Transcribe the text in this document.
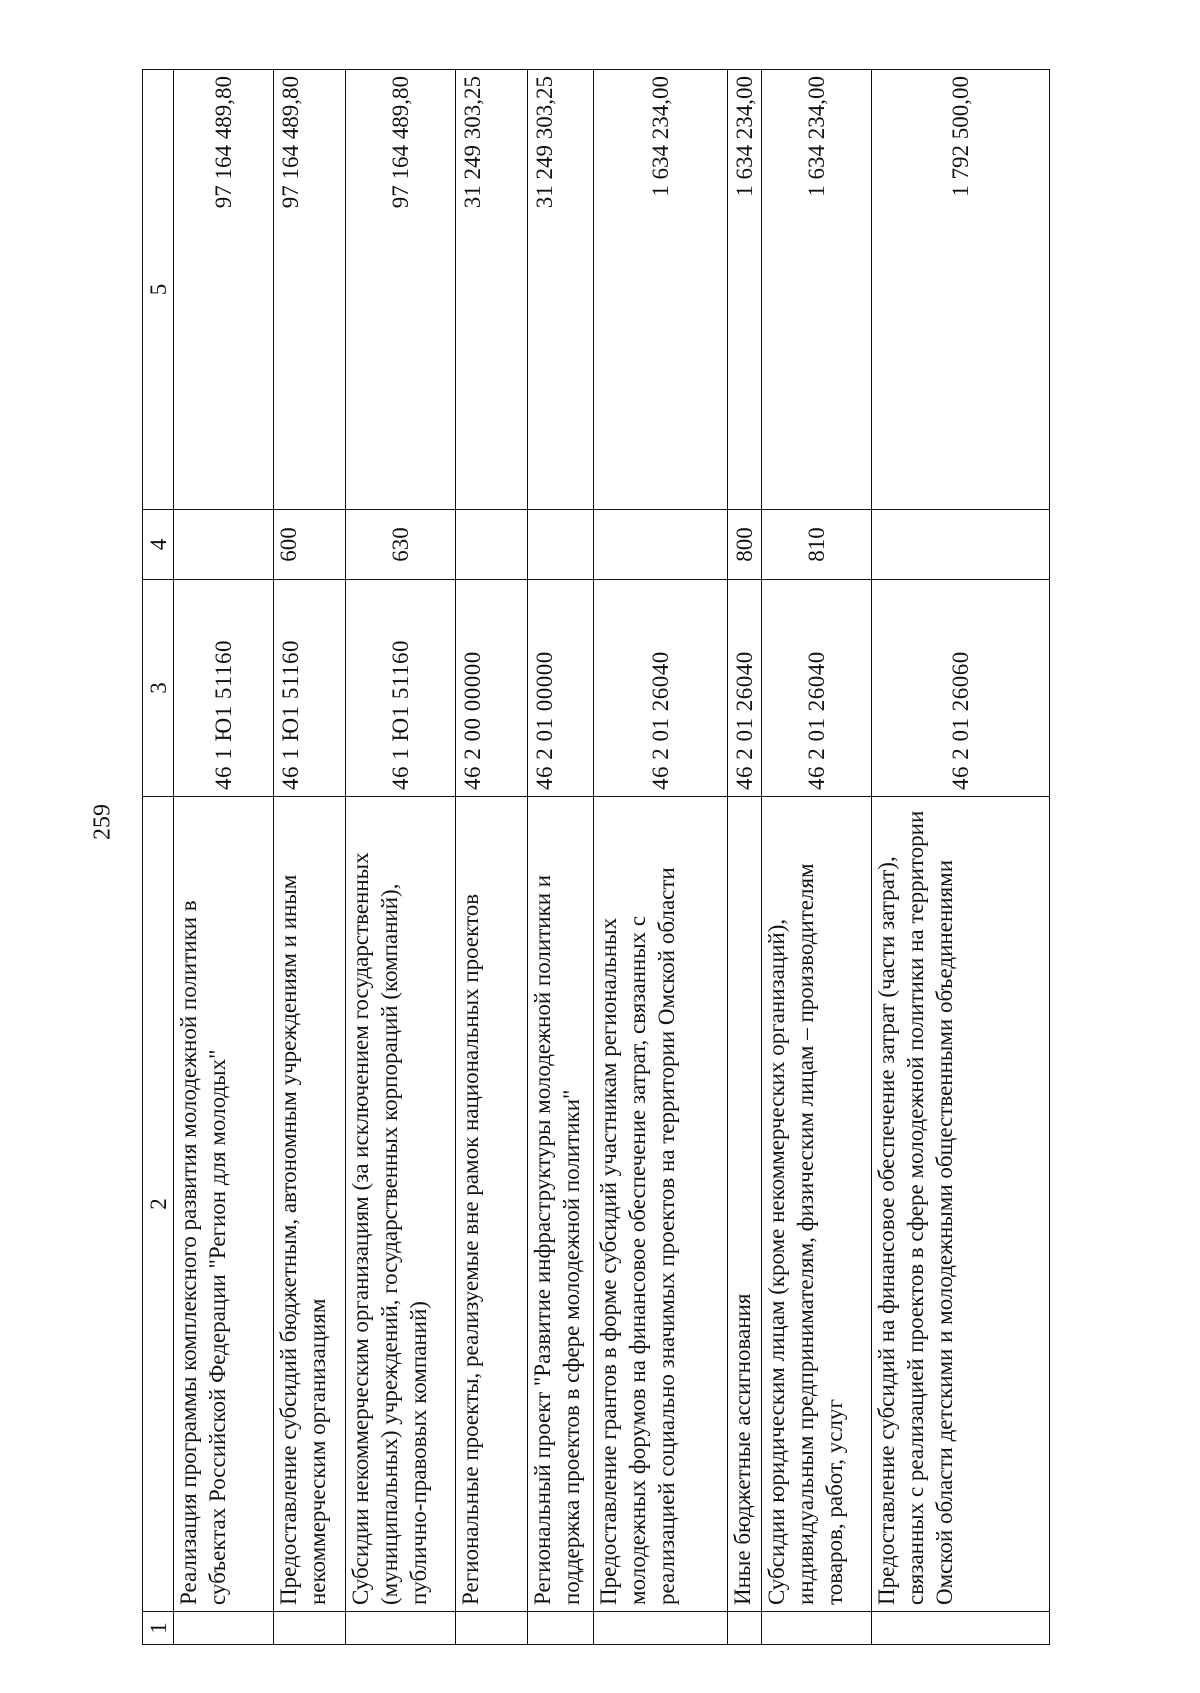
259
1	2	3	4	5
	Реализация программы комплексного развития молодежной политики в субъектах Российской Федерации "Регион для молодых"	46 1 Ю1 51160		97 164 489,80
	Предоставление субсидий бюджетным, автономным учреждениям и иным некоммерческим организациям	46 1 Ю1 51160	600	97 164 489,80
	Субсидии некоммерческим организациям (за исключением государственных (муниципальных) учреждений, государственных корпораций (компаний), публично-правовых компаний)	46 1 Ю1 51160	630	97 164 489,80
	Региональные проекты, реализуемые вне рамок национальных проектов	46 2 00 00000		31 249 303,25
	Региональный проект "Развитие инфраструктуры молодежной политики и поддержка проектов в сфере молодежной политики"	46 2 01 00000		31 249 303,25
	Предоставление грантов в форме субсидий участникам региональных молодежных форумов на финансовое обеспечение затрат, связанных с реализацией социально значимых проектов на территории Омской области	46 2 01 26040		1 634 234,00
	Иные бюджетные ассигнования	46 2 01 26040	800	1 634 234,00
	Субсидии юридическим лицам (кроме некоммерческих организаций), индивидуальным предпринимателям, физическим лицам – производителям товаров, работ, услуг	46 2 01 26040	810	1 634 234,00
	Предоставление субсидий на финансовое обеспечение затрат (части затрат), связанных с реализацией проектов в сфере молодежной политики на территории Омской области детскими и молодежными общественными объединениями	46 2 01 26060		1 792 500,00
